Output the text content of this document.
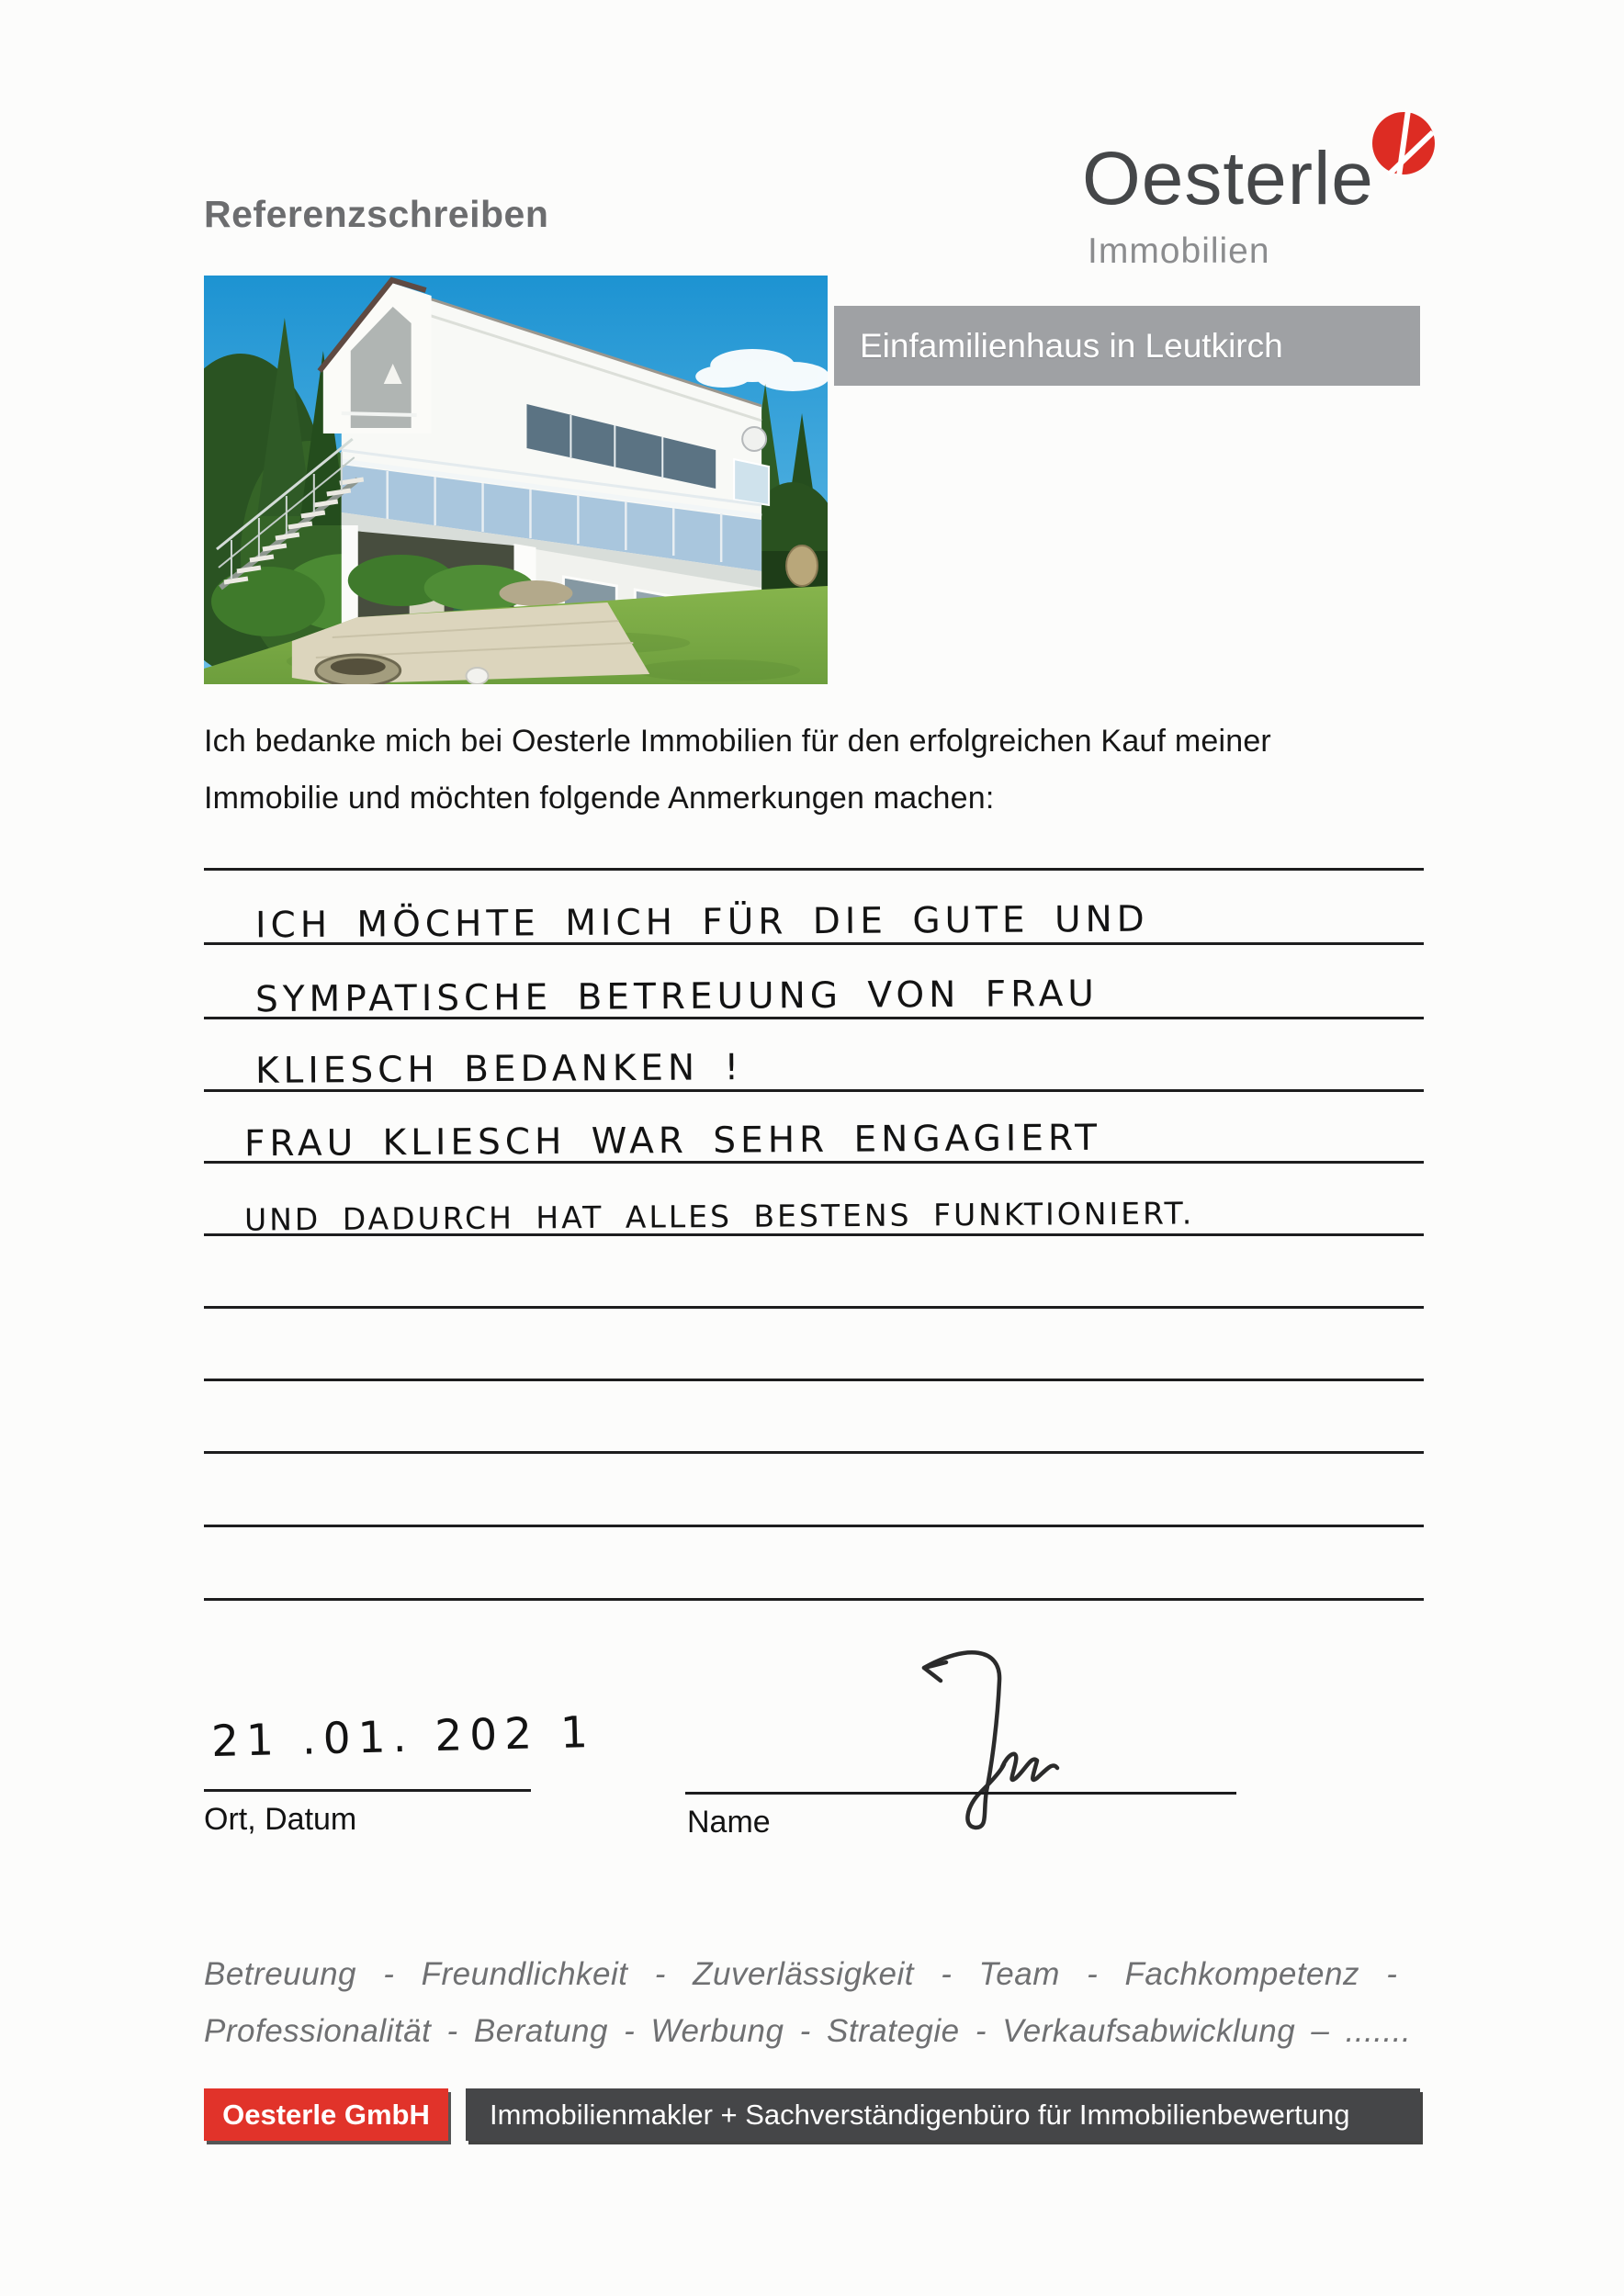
Referenzschreiben	Oesterle
Immobilien
Einfamilienhaus in Leutkirch
Ich bedanke mich bei Oesterle Immobilien für den erfolgreichen Kauf meiner
Immobilie und möchten folgende Anmerkungen machen:
ICH MÖCHTE MICH FÜR DIE GUTE UND
SYMPATISCHE BETREUUNG VON FRAU
KLIESCH BEDANKEN !
FRAU KLIESCH WAR SEHR ENGAGIERT
UND DADURCH HAT ALLES BESTENS FUNKTIONIERT.
21 .01. 202 1
Ort, Datum	Name
Betreuung - Freundlichkeit - Zuverlässigkeit - Team - Fachkompetenz -
Professionalität - Beratung - Werbung - Strategie - Verkaufsabwicklung – .......
Oesterle GmbH	Immobilienmakler + Sachverständigenbüro für Immobilienbewertung
